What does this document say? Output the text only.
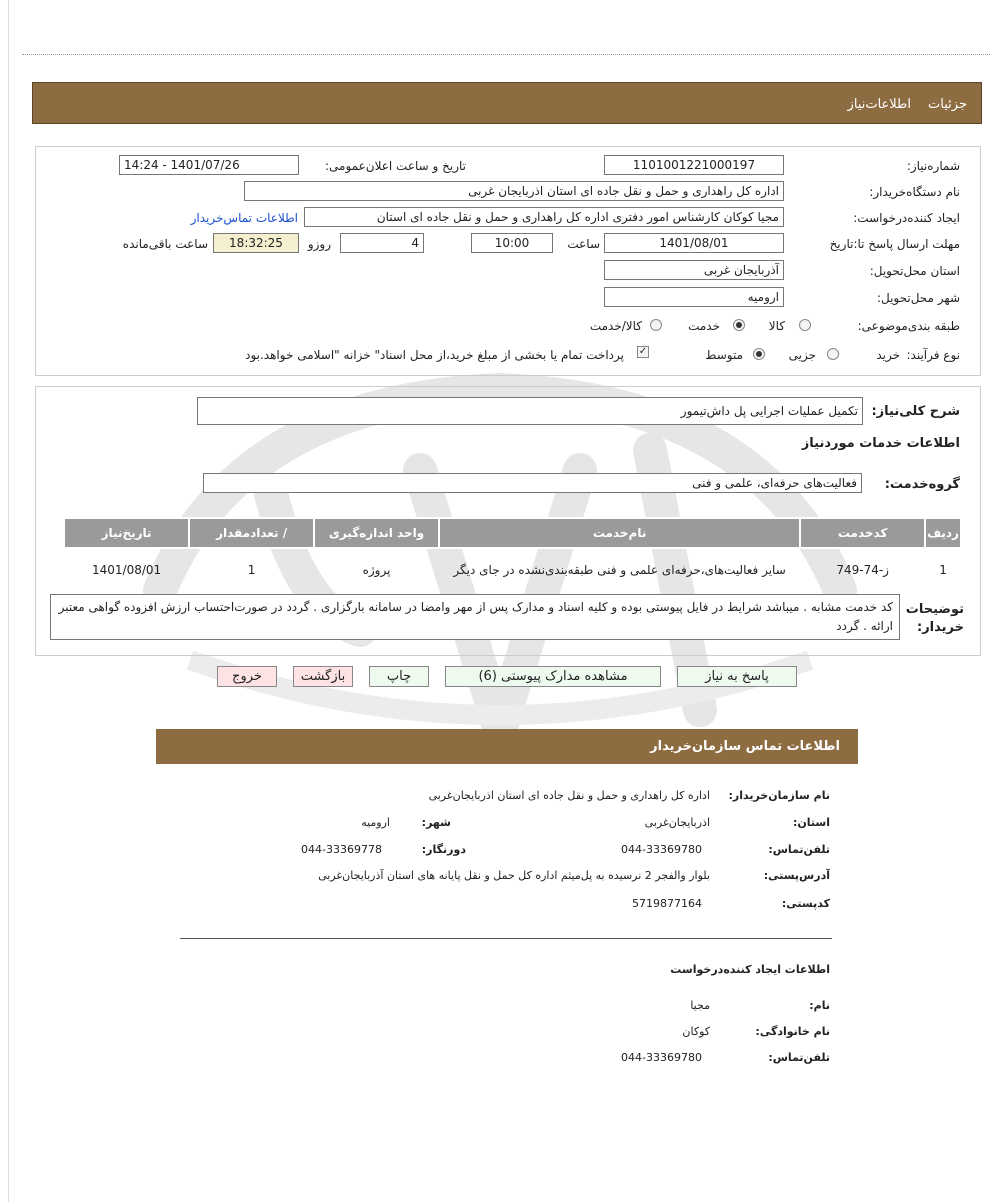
جزئیات
اطلاعات‌نیاز
شماره‌نیاز:
1101001221000197
تاریخ و ساعت اعلان‌عمومی:
14:24 - 1401/07/26
نام دستگاه‌خریدار:
اداره کل راهداری و حمل و نقل جاده ای استان اذربایجان غربی
ایجاد کننده‌درخواست:
مجیا کوکان کارشناس امور دفتری اداره کل راهداری و حمل و نقل جاده ای استان
اطلاعات تماس‌خریدار
مهلت ارسال پاسخ تا:تاریخ
1401/08/01
ساعت
10:00
4
روزو
18:32:25
ساعت باقی‌مانده
استان محل‌تحویل:
آذربایجان غربی
شهر محل‌تحویل:
ارومیه
طبقه بندی‌موضوعی:
کالا
خدمت
کالا/خدمت
نوع فرآیند:
خرید
جزیی
متوسط
✓
پرداخت تمام یا بخشی از مبلغ خرید،از محل اسناد" خزانه "اسلامی خواهد.بود
شرح کلی‌نیاز:
تکمیل عملیات اجرایی پل داش‌تیمور
اطلاعات خدمات موردنیاز
گروه‌خدمت:
فعالیت‌های حرفه‌ای، علمی و فنی
ردیف	کدخدمت	نام‌خدمت	واحد اندازه‌گیری	/ تعدادمقدار	تاریخ‌نیاز
1	ز-74-749	سایر فعالیت‌های،حرفه‌ای علمی و فنی طبقه‌بندی‌نشده در جای دیگر	پروژه	1	1401/08/01
توضیحات خریدار:
کد خدمت مشابه . میباشد شرایط در فایل پیوستی بوده و کلیه اسناد و مدارک پس از مهر وامضا در سامانه بارگزاری . گردد در صورت‌احتساب ارزش افزوده گواهی معتبر ارائه . گردد
پاسخ به نیاز
مشاهده مدارک پیوستی (6)
چاپ
بازگشت
خروج
اطلاعات تماس سازمان‌خریدار
نام سازمان‌خریدار:
اداره کل راهداری و حمل و نقل جاده ای استان اذربایجان‌غربی
استان:
اذربایجان‌غربی
شهر:
ارومیه
تلفن‌تماس:
044-33369780
دورنگار:
044-33369778
آدرس‌پستی:
بلوار والفجر 2 نرسیده به پل‌میثم اداره کل حمل و نقل پایانه های استان آذربایجان‌غربی
کدپستی:
5719877164
اطلاعات ایجاد کننده‌درخواست
نام:
مجیا
نام خانوادگی:
کوکان
تلفن‌تماس:
044-33369780
